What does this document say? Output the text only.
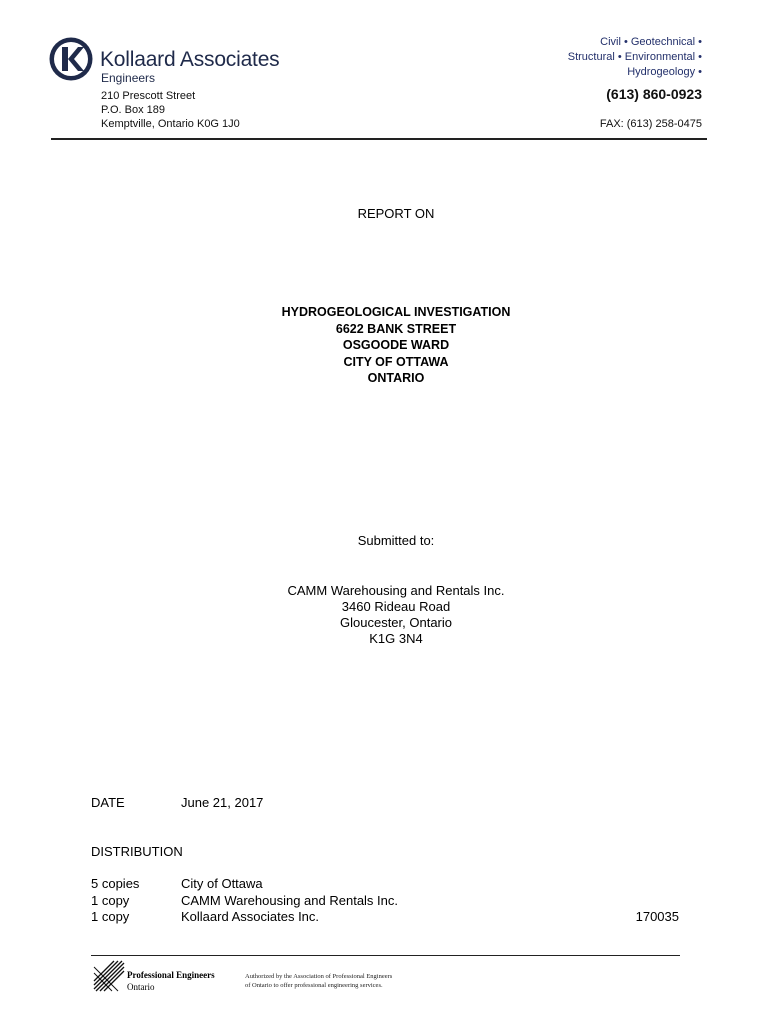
Kollaard Associates
Engineers
210 Prescott Street
P.O. Box 189
Kemptville, Ontario K0G 1J0
Civil • Geotechnical •
Structural • Environmental •
Hydrogeology •
(613) 860-0923
FAX: (613) 258-0475
REPORT ON
HYDROGEOLOGICAL INVESTIGATION
6622 BANK STREET
OSGOODE WARD
CITY OF OTTAWA
ONTARIO
Submitted to:
CAMM Warehousing and Rentals Inc.
3460 Rideau Road
Gloucester, Ontario
K1G 3N4
DATE	June 21, 2017
DISTRIBUTION
5 copies	City of Ottawa
1 copy	CAMM Warehousing and Rentals Inc.
1 copy	Kollaard Associates Inc.	170035
Professional Engineers
Ontario
Authorized by the Association of Professional Engineers
of Ontario to offer professional engineering services.
